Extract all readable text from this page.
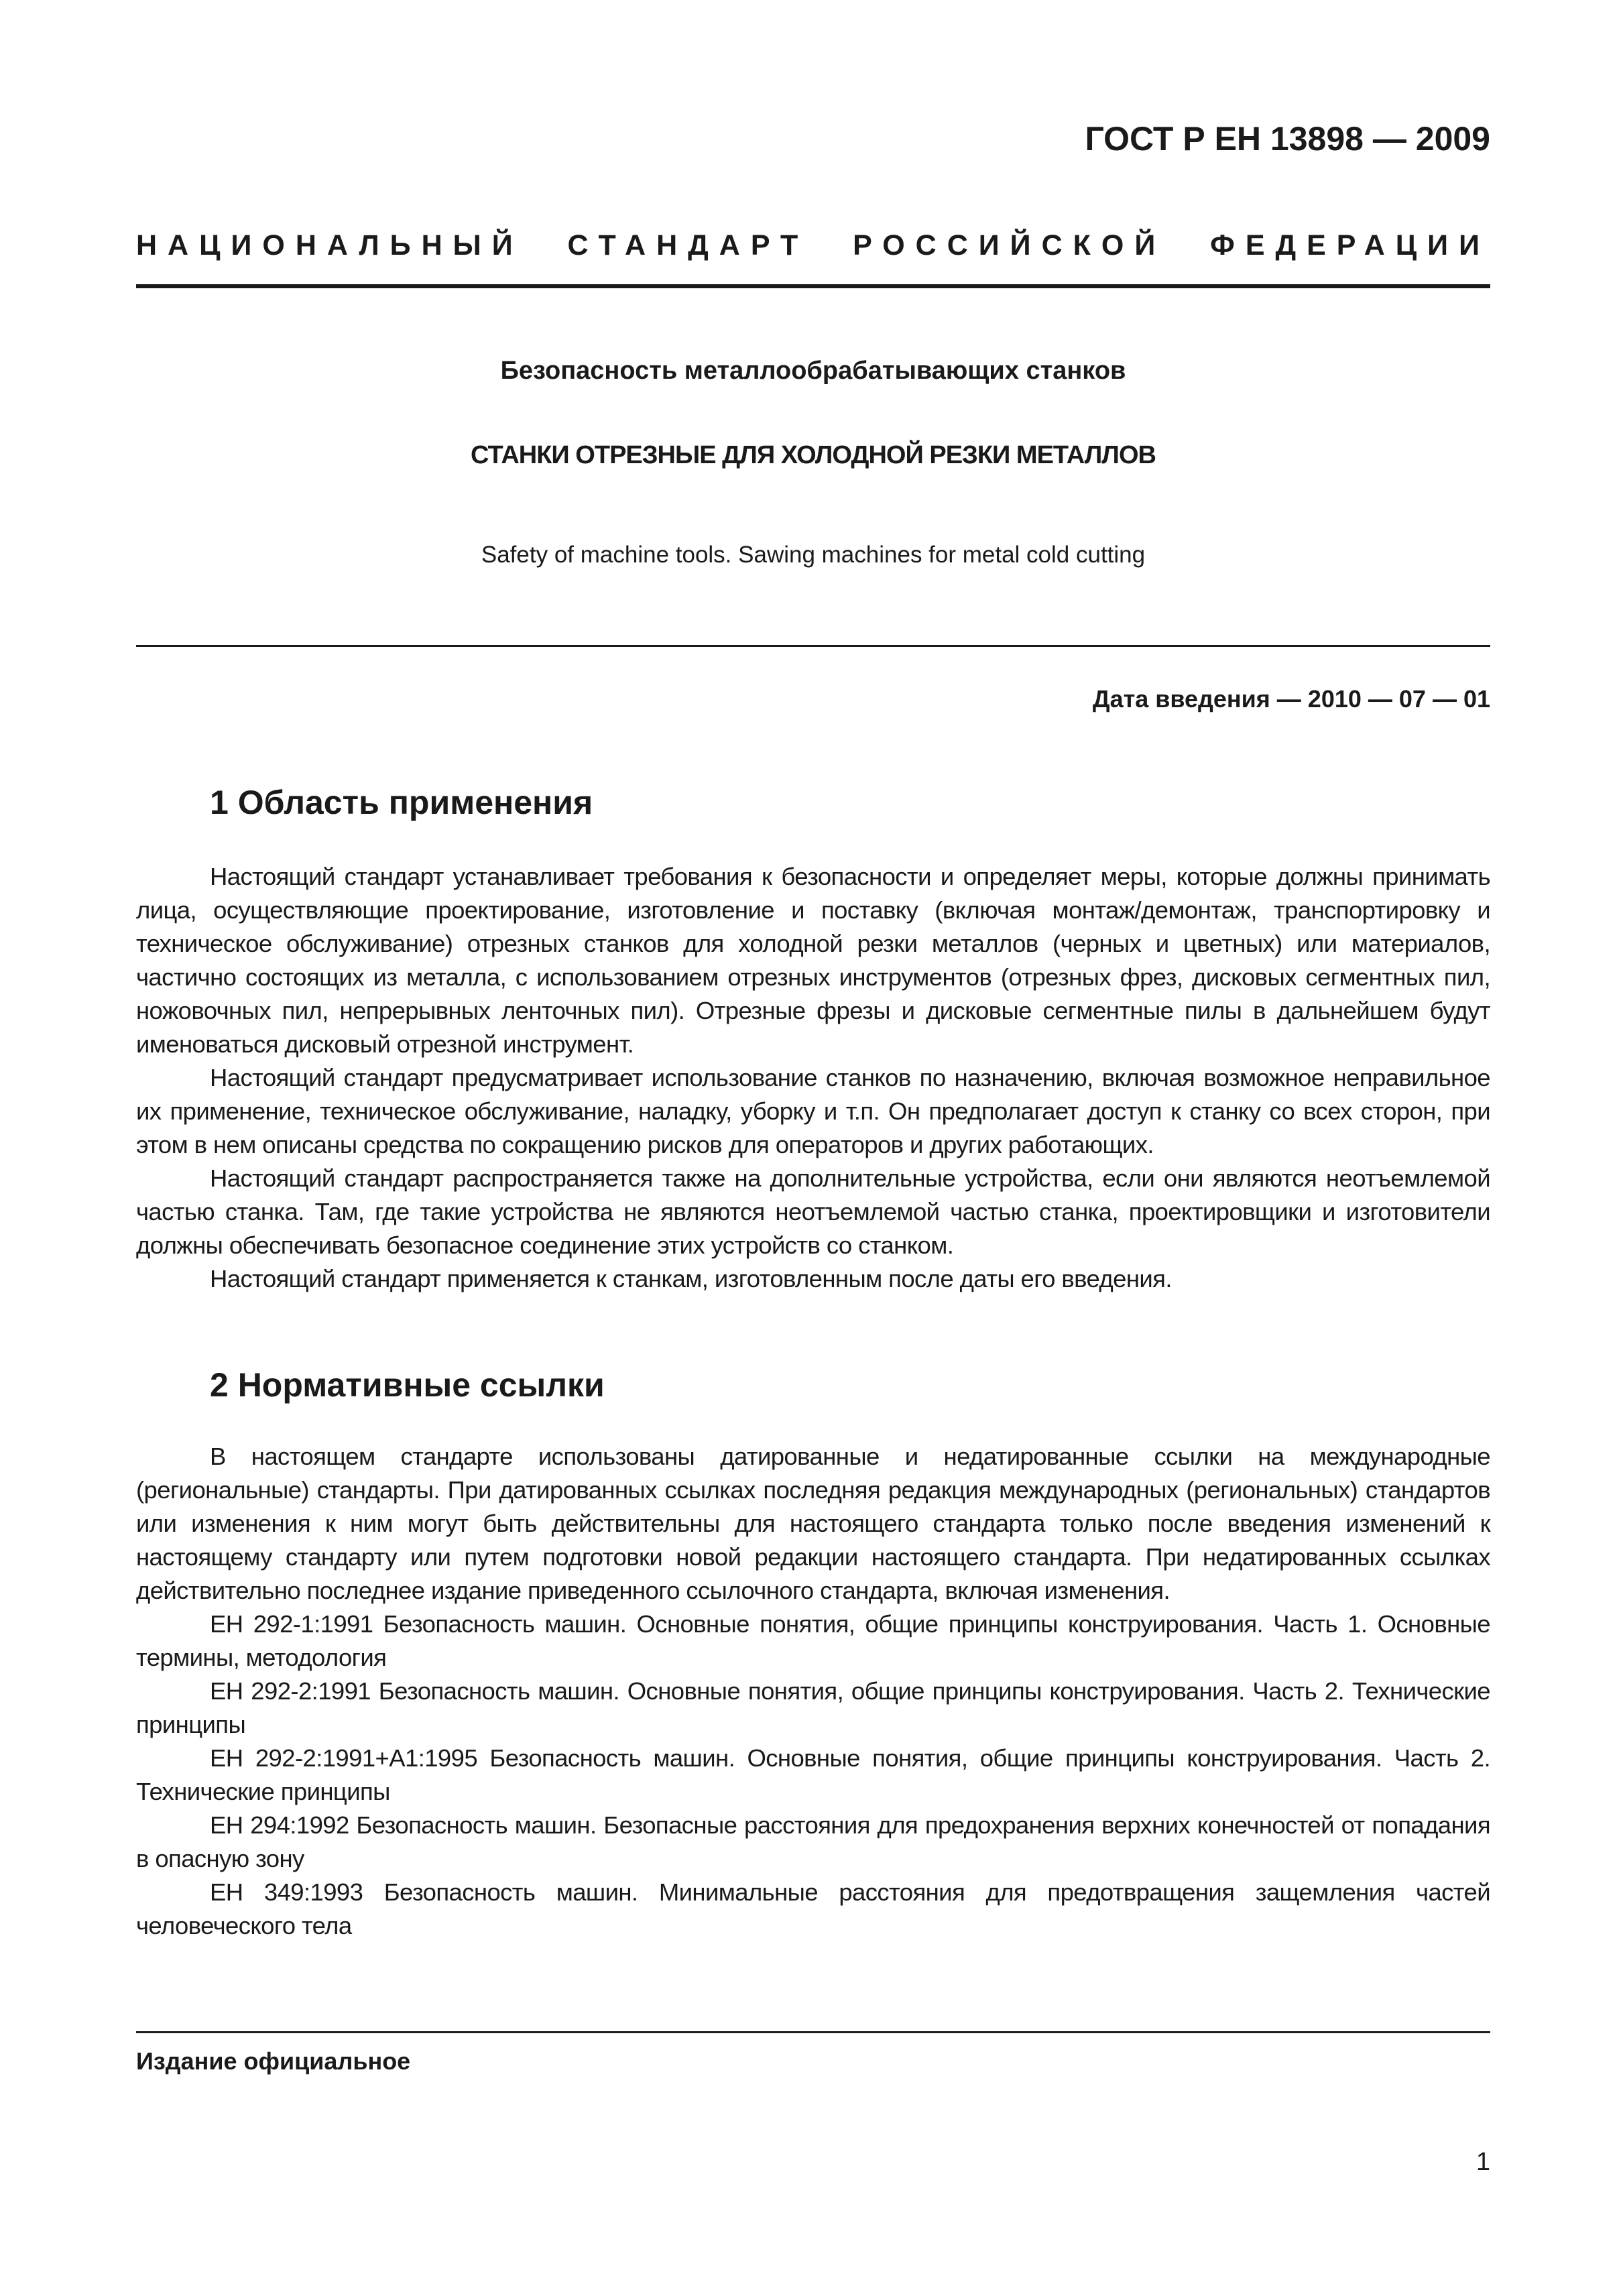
ГОСТ Р ЕН 13898 — 2009
НАЦИОНАЛЬНЫЙ СТАНДАРТ РОССИЙСКОЙ ФЕДЕРАЦИИ
Безопасность металлообрабатывающих станков
СТАНКИ ОТРЕЗНЫЕ ДЛЯ ХОЛОДНОЙ РЕЗКИ МЕТАЛЛОВ
Safety of machine tools. Sawing machines for metal cold cutting
Дата введения — 2010 — 07 — 01
1 Область применения

Настоящий стандарт устанавливает требования к безопасности и определяет меры, которые должны принимать лица, осуществляющие проектирование, изготовление и поставку (включая монтаж/демонтаж, транспортировку и техническое обслуживание) отрезных станков для холодной резки металлов (черных и цветных) или материалов, частично состоящих из металла, с использованием отрезных инструментов (отрезных фрез, дисковых сегментных пил, ножовочных пил, непрерывных ленточных пил). Отрезные фрезы и дисковые сегментные пилы в дальнейшем будут именоваться дисковый отрезной инструмент.

Настоящий стандарт предусматривает использование станков по назначению, включая возможное неправильное их применение, техническое обслуживание, наладку, уборку и т.п. Он предполагает доступ к станку со всех сторон, при этом в нем описаны средства по сокращению рисков для операторов и других работающих.

Настоящий стандарт распространяется также на дополнительные устройства, если они являются неотъемлемой частью станка. Там, где такие устройства не являются неотъемлемой частью станка, проектировщики и изготовители должны обеспечивать безопасное соединение этих устройств со станком.

Настоящий стандарт применяется к станкам, изготовленным после даты его введения.

2 Нормативные ссылки

В настоящем стандарте использованы датированные и недатированные ссылки на международные (региональные) стандарты. При датированных ссылках последняя редакция международных (региональных) стандартов или изменения к ним могут быть действительны для настоящего стандарта только после введения изменений к настоящему стандарту или путем подготовки новой редакции настоящего стандарта. При недатированных ссылках действительно последнее издание приведенного ссылочного стандарта, включая изменения.

ЕН 292-1:1991 Безопасность машин. Основные понятия, общие принципы конструирования. Часть 1. Основные термины, методология

ЕН 292-2:1991 Безопасность машин. Основные понятия, общие принципы конструирования. Часть 2. Технические принципы

ЕН 292-2:1991+А1:1995 Безопасность машин. Основные понятия, общие принципы конструирования. Часть 2. Технические принципы

ЕН 294:1992 Безопасность машин. Безопасные расстояния для предохранения верхних конечностей от попадания в опасную зону

ЕН 349:1993 Безопасность машин. Минимальные расстояния для предотвращения защемления частей человеческого тела

Издание официальное
1
